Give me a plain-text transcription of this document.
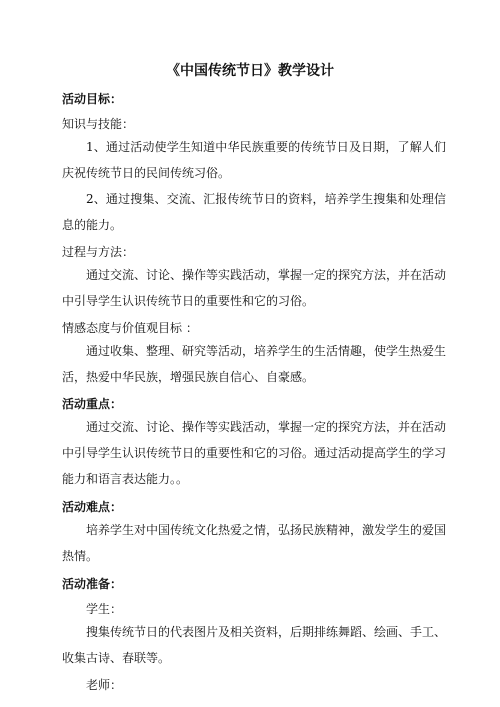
《中国传统节日》教学设计
活动目标：
知识与技能：
1、通过活动使学生知道中华民族重要的传统节日及日期，了解人们庆祝传统节日的民间传统习俗。
2、通过搜集、交流、汇报传统节日的资料，培养学生搜集和处理信息的能力。
过程与方法：
通过交流、讨论、操作等实践活动，掌握一定的探究方法，并在活动中引导学生认识传统节日的重要性和它的习俗。
情感态度与价值观目标 ：
通过收集、整理、研究等活动，培养学生的生活情趣，使学生热爱生活，热爱中华民族，增强民族自信心、自豪感。
活动重点：
通过交流、讨论、操作等实践活动，掌握一定的探究方法，并在活动中引导学生认识传统节日的重要性和它的习俗。通过活动提高学生的学习能力和语言表达能力。。
活动难点：
培养学生对中国传统文化热爱之情，弘扬民族精神，激发学生的爱国热情。
活动准备：
学生：
搜集传统节日的代表图片及相关资料，后期排练舞蹈、绘画、手工、收集古诗、春联等。
老师：
